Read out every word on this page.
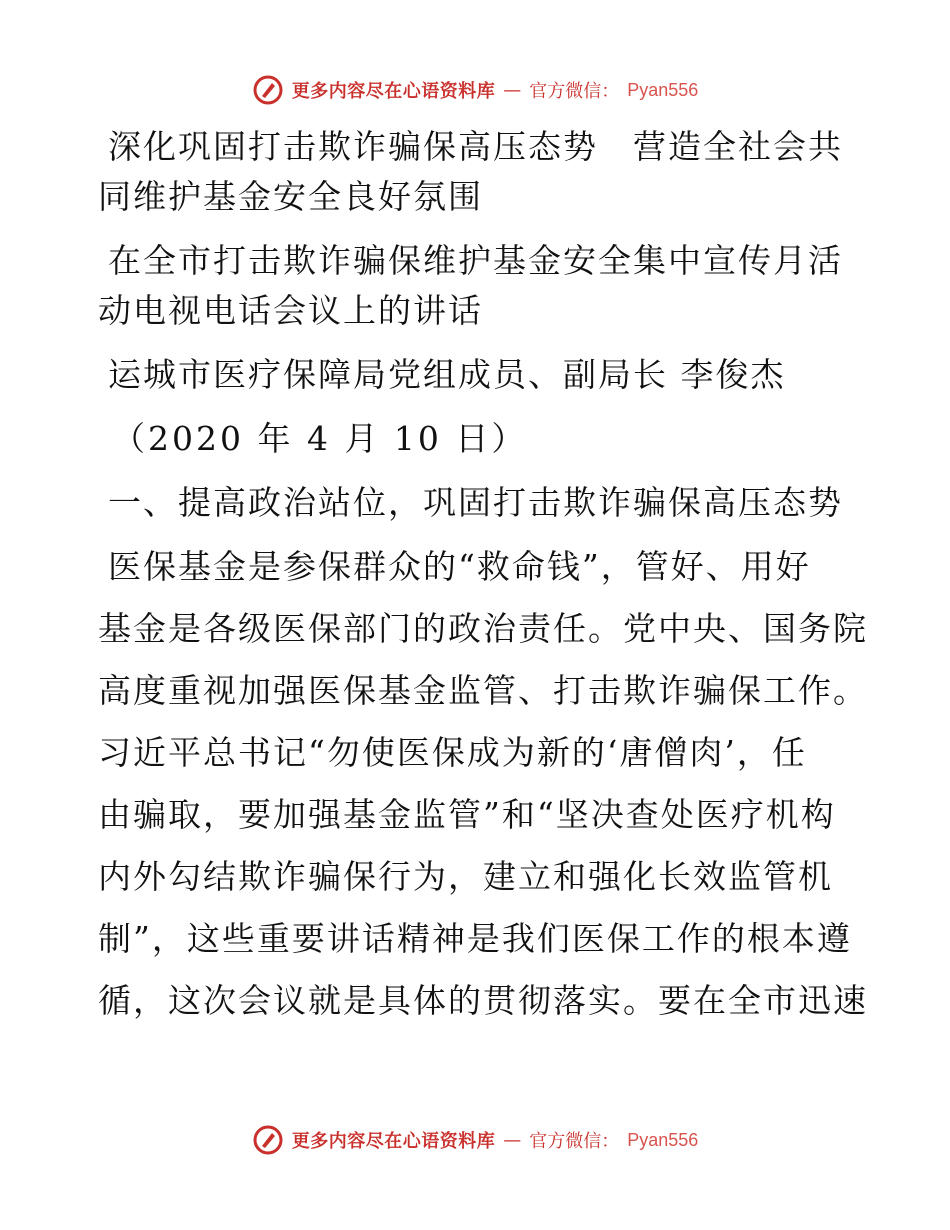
更多内容尽在心语资料库 — 官方微信： Pyan556
深化巩固打击欺诈骗保高压态势　营造全社会共
同维护基金安全良好氛围
在全市打击欺诈骗保维护基金安全集中宣传月活
动电视电话会议上的讲话
运城市医疗保障局党组成员、副局长 李俊杰
（2020 年 4 月 10 日）
一、提高政治站位，巩固打击欺诈骗保高压态势
医保基金是参保群众的“救命钱”，管好、用好
基金是各级医保部门的政治责任。党中央、国务院
高度重视加强医保基金监管、打击欺诈骗保工作。
习近平总书记“勿使医保成为新的‘唐僧肉’，任
由骗取，要加强基金监管”和“坚决查处医疗机构
内外勾结欺诈骗保行为，建立和强化长效监管机
制”，这些重要讲话精神是我们医保工作的根本遵
循，这次会议就是具体的贯彻落实。要在全市迅速
更多内容尽在心语资料库 — 官方微信： Pyan556
